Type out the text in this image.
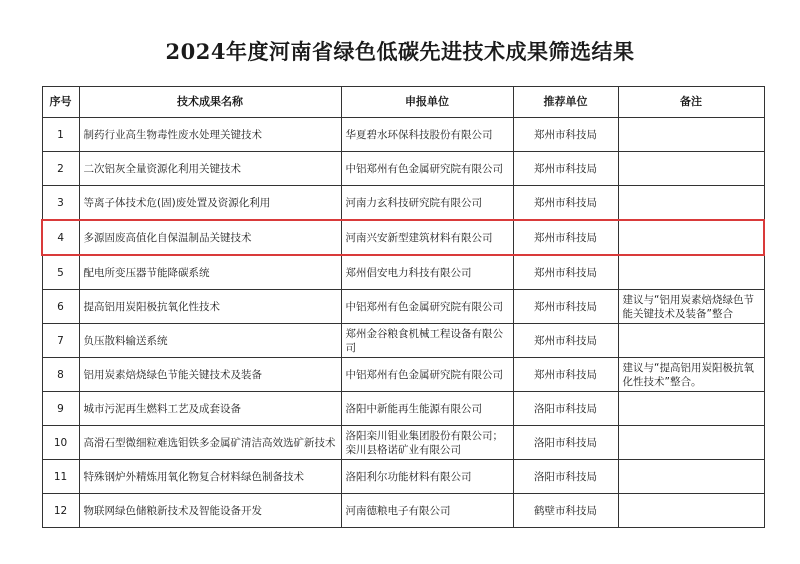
2024年度河南省绿色低碳先进技术成果筛选结果
序号	技术成果名称	申报单位	推荐单位	备注
1	制药行业高生物毒性废水处理关键技术	华夏碧水环保科技股份有限公司	郑州市科技局	
2	二次铝灰全量资源化利用关键技术	中铝郑州有色金属研究院有限公司	郑州市科技局	
3	等离子体技术危(固)废处置及资源化利用	河南力玄科技研究院有限公司	郑州市科技局	
4	多源固废高值化自保温制品关键技术	河南兴安新型建筑材料有限公司	郑州市科技局	
5	配电所变压器节能降碳系统	郑州倡安电力科技有限公司	郑州市科技局	
6	提高铝用炭阳极抗氧化性技术	中铝郑州有色金属研究院有限公司	郑州市科技局	建议与“铝用炭素焙烧绿色节能关键技术及装备”整合
7	负压散料输送系统	郑州金谷粮食机械工程设备有限公司	郑州市科技局	
8	铝用炭素焙烧绿色节能关键技术及装备	中铝郑州有色金属研究院有限公司	郑州市科技局	建议与“提高铝用炭阳极抗氧化性技术”整合。
9	城市污泥再生燃料工艺及成套设备	洛阳中新能再生能源有限公司	洛阳市科技局	
10	高滑石型微细粒难选钼铁多金属矿清洁高效选矿新技术	洛阳栾川钼业集团股份有限公司；栾川县格诺矿业有限公司	洛阳市科技局	
11	特殊钢炉外精炼用氧化物复合材料绿色制备技术	洛阳利尔功能材料有限公司	洛阳市科技局	
12	物联网绿色储粮新技术及智能设备开发	河南德粮电子有限公司	鹤壁市科技局	
